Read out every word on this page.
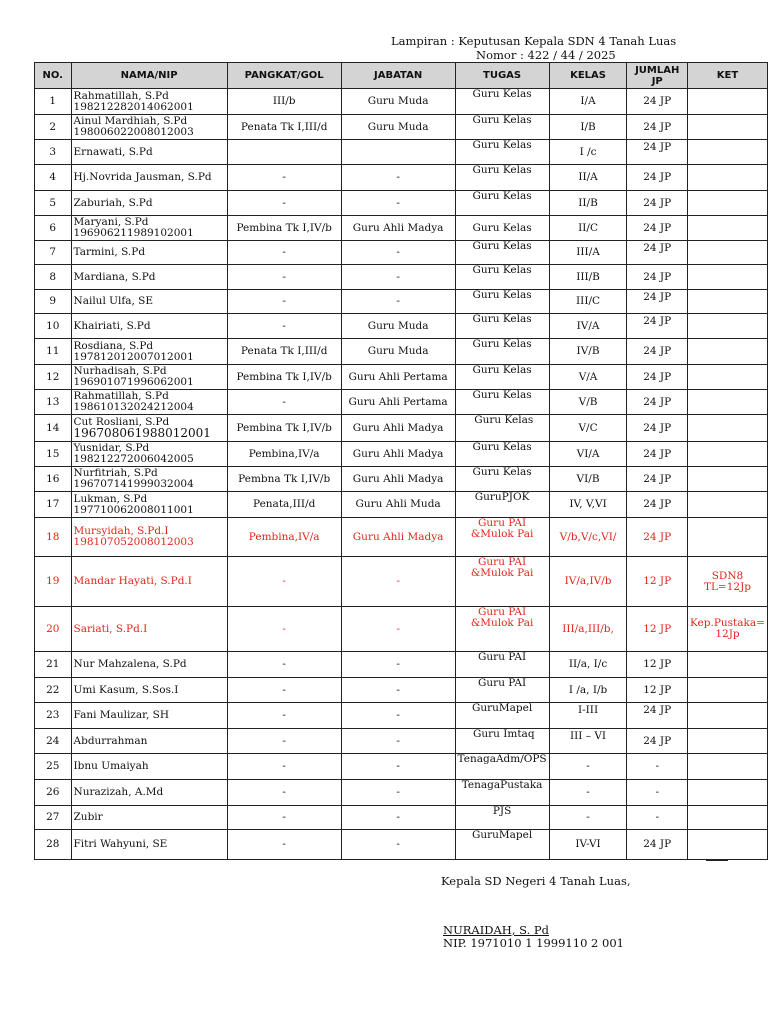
Lampiran : Keputusan Kepala SDN 4 Tanah Luas
Nomor : 422 / 44 / 2025
NO.	NAMA/NIP	PANGKAT/GOL	JABATAN	TUGAS	KELAS	JUMLAH
JP	KET
1	Rahmatillah, S.Pd
198212282014062001	III/b	Guru Muda	Guru Kelas	I/A	24 JP	
2	Ainul Mardhiah, S.Pd
198006022008012003	Penata Tk I,III/d	Guru Muda	Guru Kelas	I/B	24 JP	
3	Ernawati, S.Pd			Guru Kelas	I /c	24 JP	
4	Hj.Novrida Jausman, S.Pd	-	-	Guru Kelas	II/A	24 JP	
5	Zaburiah, S.Pd	-	-	Guru Kelas	II/B	24 JP	
6	Maryani, S.Pd
196906211989102001	Pembina Tk I,IV/b	Guru Ahli Madya	Guru Kelas	II/C	24 JP	
7	Tarmini, S.Pd	-	-	Guru Kelas	III/A	24 JP	
8	Mardiana, S.Pd	-	-	Guru Kelas	III/B	24 JP	
9	Nailul Ulfa, SE	-	-	Guru Kelas	III/C	24 JP	
10	Khairiati, S.Pd	-	Guru Muda	Guru Kelas	IV/A	24 JP	
11	Rosdiana, S.Pd
197812012007012001	Penata Tk I,III/d	Guru Muda	Guru Kelas	IV/B	24 JP	
12	Nurhadisah, S.Pd
196901071996062001	Pembina Tk I,IV/b	Guru Ahli Pertama	Guru Kelas	V/A	24 JP	
13	Rahmatillah, S.Pd
198610132024212004	-	Guru Ahli Pertama	Guru Kelas	V/B	24 JP	
14	Cut Rosliani, S.Pd
196708061988012001	Pembina Tk I,IV/b	Guru Ahli Madya	Guru Kelas	V/C	24 JP	
15	Yusnidar, S.Pd
198212272006042005	Pembina,IV/a	Guru Ahli Madya	Guru Kelas	VI/A	24 JP	
16	Nurfitriah, S.Pd
196707141999032004	Pembna Tk I,IV/b	Guru Ahli Madya	Guru Kelas	VI/B	24 JP	
17	Lukman, S.Pd
197710062008011001	Penata,III/d	Guru Ahli Muda	GuruPJOK	IV, V,VI	24 JP	
18	Mursyidah, S.Pd.I
198107052008012003	Pembina,IV/a	Guru Ahli Madya	Guru PAI &Mulok Pai	V/b,V/c,VI/	24 JP	
19	Mandar Hayati, S.Pd.I	-	-	Guru PAI &Mulok Pai	IV/a,IV/b	12 JP	SDN8 TL=12Jp
20	Sariati, S.Pd.I	-	-	Guru PAI &Mulok Pai	III/a,III/b,	12 JP	Kep.Pustaka= 12Jp
21	Nur Mahzalena, S.Pd	-	-	Guru PAI	II/a, I/c	12 JP	
22	Umi Kasum, S.Sos.I	-	-	Guru PAI	I /a, I/b	12 JP	
23	Fani Maulizar, SH	-	-	GuruMapel	I-III	24 JP	
24	Abdurrahman	-	-	Guru Imtaq	III – VI	24 JP	
25	Ibnu Umaiyah	-	-	TenagaAdm/OPS	-	-	
26	Nurazizah, A.Md	-	-	TenagaPustaka	-	-	
27	Zubir	-	-	PJS	-	-	
28	Fitri Wahyuni, SE	-	-	GuruMapel	IV-VI	24 JP	
Kepala SD Negeri 4 Tanah Luas,
NURAIDAH, S. Pd
NIP. 1971010 1 1999110 2 001
